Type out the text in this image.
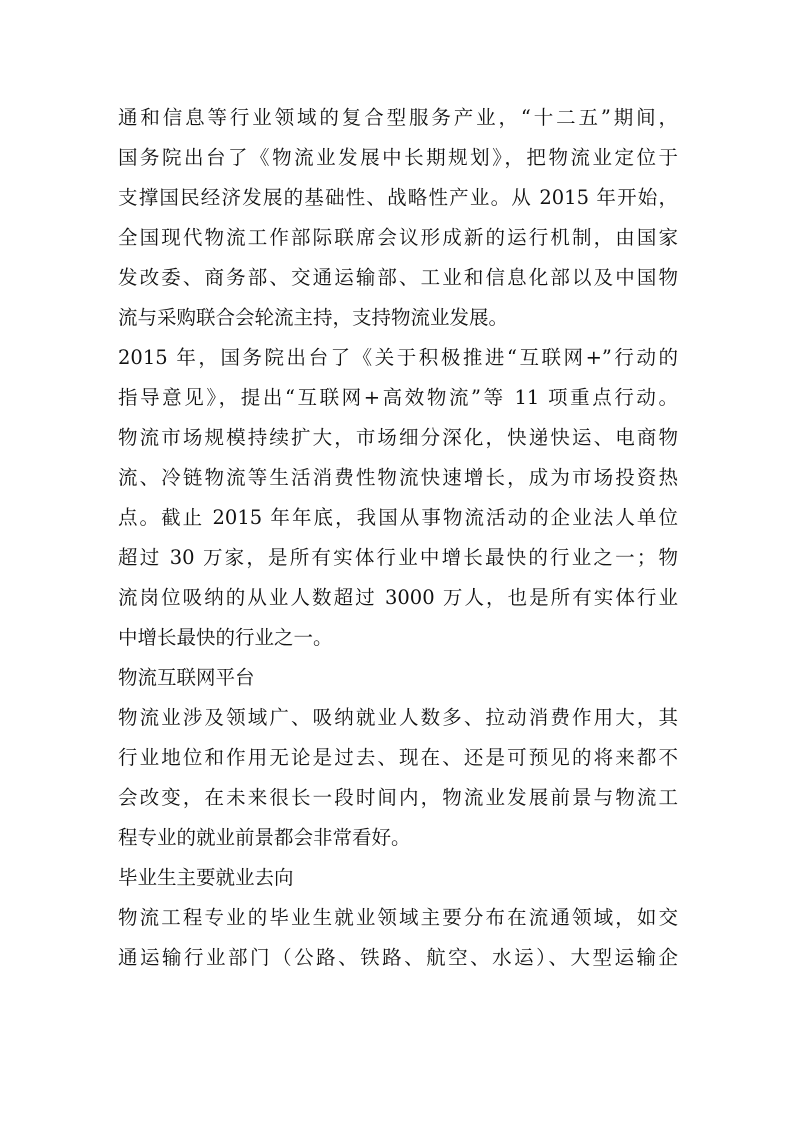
通和信息等行业领域的复合型服务产业，“十二五”期间，
国务院出台了《物流业发展中长期规划》，把物流业定位于
支撑国民经济发展的基础性、战略性产业。从 2015 年开始，
全国现代物流工作部际联席会议形成新的运行机制，由国家
发改委、商务部、交通运输部、工业和信息化部以及中国物
流与采购联合会轮流主持，支持物流业发展。
2015 年，国务院出台了《关于积极推进“互联网+”行动的
指导意见》，提出“互联网+高效物流”等 11 项重点行动。
物流市场规模持续扩大，市场细分深化，快递快运、电商物
流、冷链物流等生活消费性物流快速增长，成为市场投资热
点。截止 2015 年年底，我国从事物流活动的企业法人单位
超过 30 万家，是所有实体行业中增长最快的行业之一；物
流岗位吸纳的从业人数超过 3000 万人，也是所有实体行业
中增长最快的行业之一。
物流互联网平台
物流业涉及领域广、吸纳就业人数多、拉动消费作用大，其
行业地位和作用无论是过去、现在、还是可预见的将来都不
会改变，在未来很长一段时间内，物流业发展前景与物流工
程专业的就业前景都会非常看好。
毕业生主要就业去向
物流工程专业的毕业生就业领域主要分布在流通领域，如交
通运输行业部门（公路、铁路、航空、水运）、大型运输企
